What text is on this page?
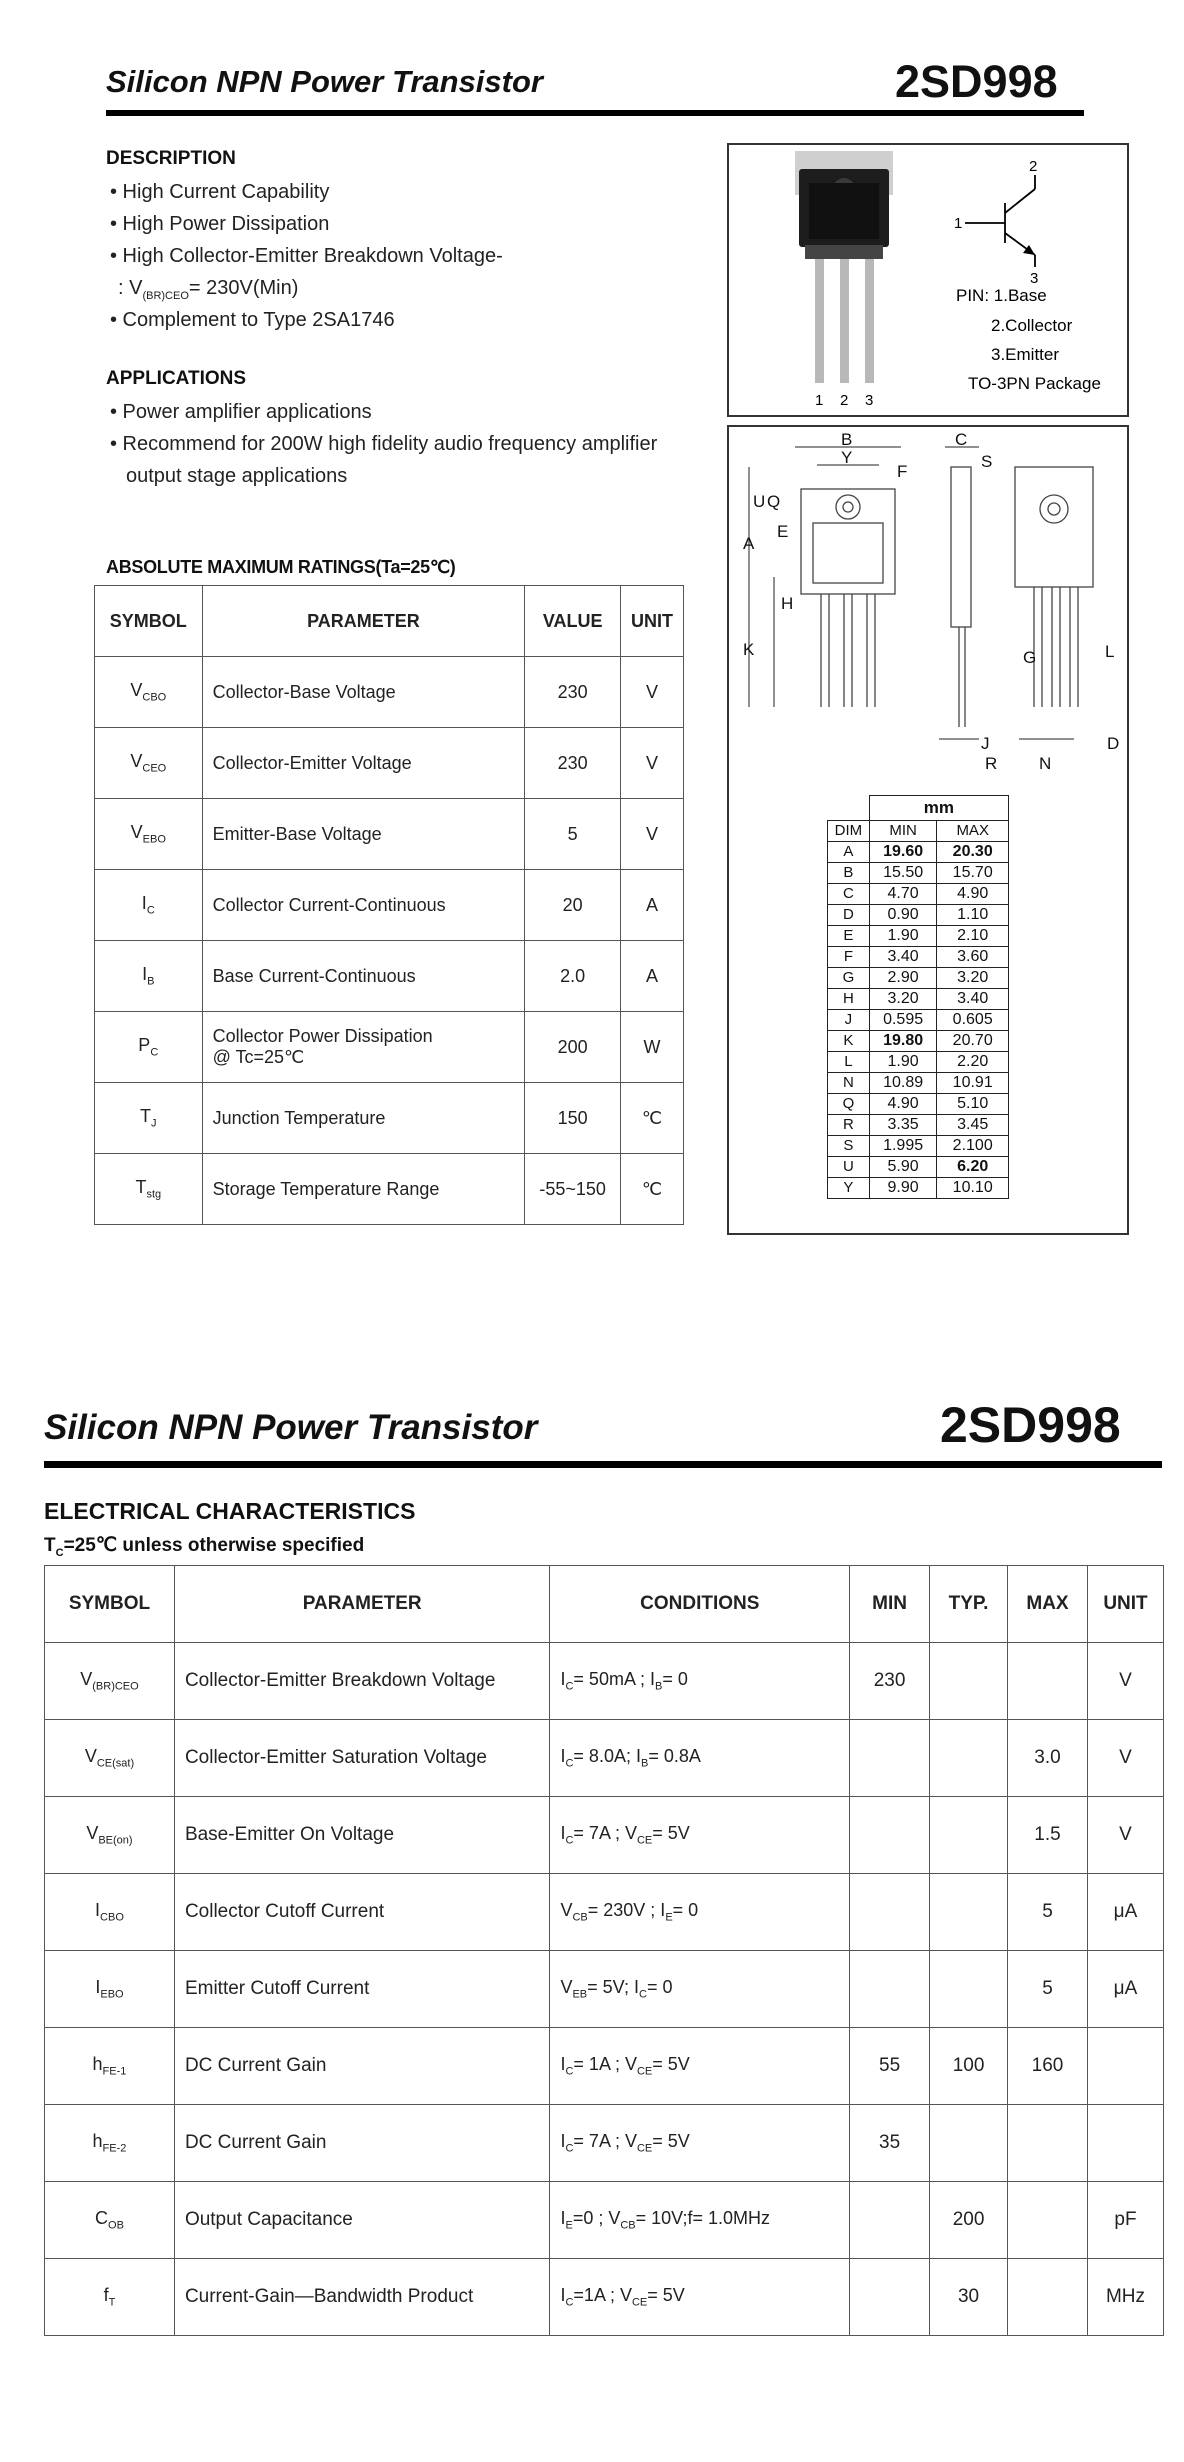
Silicon NPN Power Transistor	2SD998
DESCRIPTION
• High Current Capability
• High Power Dissipation
• High Collector-Emitter Breakdown Voltage-
: $V_{(BR)CEO}= 230V(Min)$
• Complement to Type 2SA1746
APPLICATIONS
• Power amplifier applications
• Recommend for 200W high fidelity audio frequency amplifier
output stage applications
ABSOLUTE MAXIMUM RATINGS(Ta=25℃)
SYMBOL	PARAMETER	VALUE	UNIT
$V_{CBO}$	Collector-Base Voltage	230	V
$V_{CEO}$	Collector-Emitter Voltage	230	V
$V_{EBO}$	Emitter-Base Voltage	5	V
$I_C$	Collector Current-Continuous	20	A
$I_B$	Base Current-Continuous	2.0	A
$P_C$	Collector Power Dissipation
@ Tc=25℃	200	W
$T_J$	Junction Temperature	150	℃
$T_{stg}$	Storage Temperature Range	-55~150	℃
1 2 3
2
1
3
PIN: 1.Base
2.Collector
3.Emitter
TO-3PN Package
B
Y
C
S
F
U Q
E
A
H
K
J
R N
D
G	L
	mm	
DIM	MIN	MAX
A	19.60	20.30
B	15.50	15.70
C	4.70	4.90
D	0.90	1.10
E	1.90	2.10
F	3.40	3.60
G	2.90	3.20
H	3.20	3.40
J	0.595	0.605
K	19.80	20.70
L	1.90	2.20
N	10.89	10.91
Q	4.90	5.10
R	3.35	3.45
S	1.995	2.100
U	5.90	6.20
Y	9.90	10.10
Silicon NPN Power Transistor	2SD998
ELECTRICAL CHARACTERISTICS
$T_C=25℃$ unless otherwise specified
SYMBOL	PARAMETER	CONDITIONS	MIN	TYP.	MAX	UNIT
$V_{(BR)CEO}$	Collector-Emitter Breakdown Voltage	$I_C= 50mA$ ; $I_B= 0$	230			V
$V_{CE(sat)}$	Collector-Emitter Saturation Voltage	$I_C= 8.0A$; $I_B= 0.8A$			3.0	V
$V_{BE(on)}$	Base-Emitter On Voltage	$I_C= 7A$ ; $V_{CE}= 5V$			1.5	V
$I_{CBO}$	Collector Cutoff Current	$V_{CB}= 230V$ ; $I_E= 0$			5	μA
$I_{EBO}$	Emitter Cutoff Current	$V_{EB}= 5V$; $I_C= 0$			5	μA
$h_{FE-1}$	DC Current Gain	$I_C= 1A$ ; $V_{CE}= 5V$	55	100	160	
$h_{FE-2}$	DC Current Gain	$I_C= 7A$ ; $V_{CE}= 5V$	35			
$C_{OB}$	Output Capacitance	$I_E=0$ ; $V_{CB}=$ 10V;f= 1.0MHz		200		pF
$f_T$	Current-Gain—Bandwidth Product	$I_C=1A$ ; $V_{CE}= 5V$		30		MHz
